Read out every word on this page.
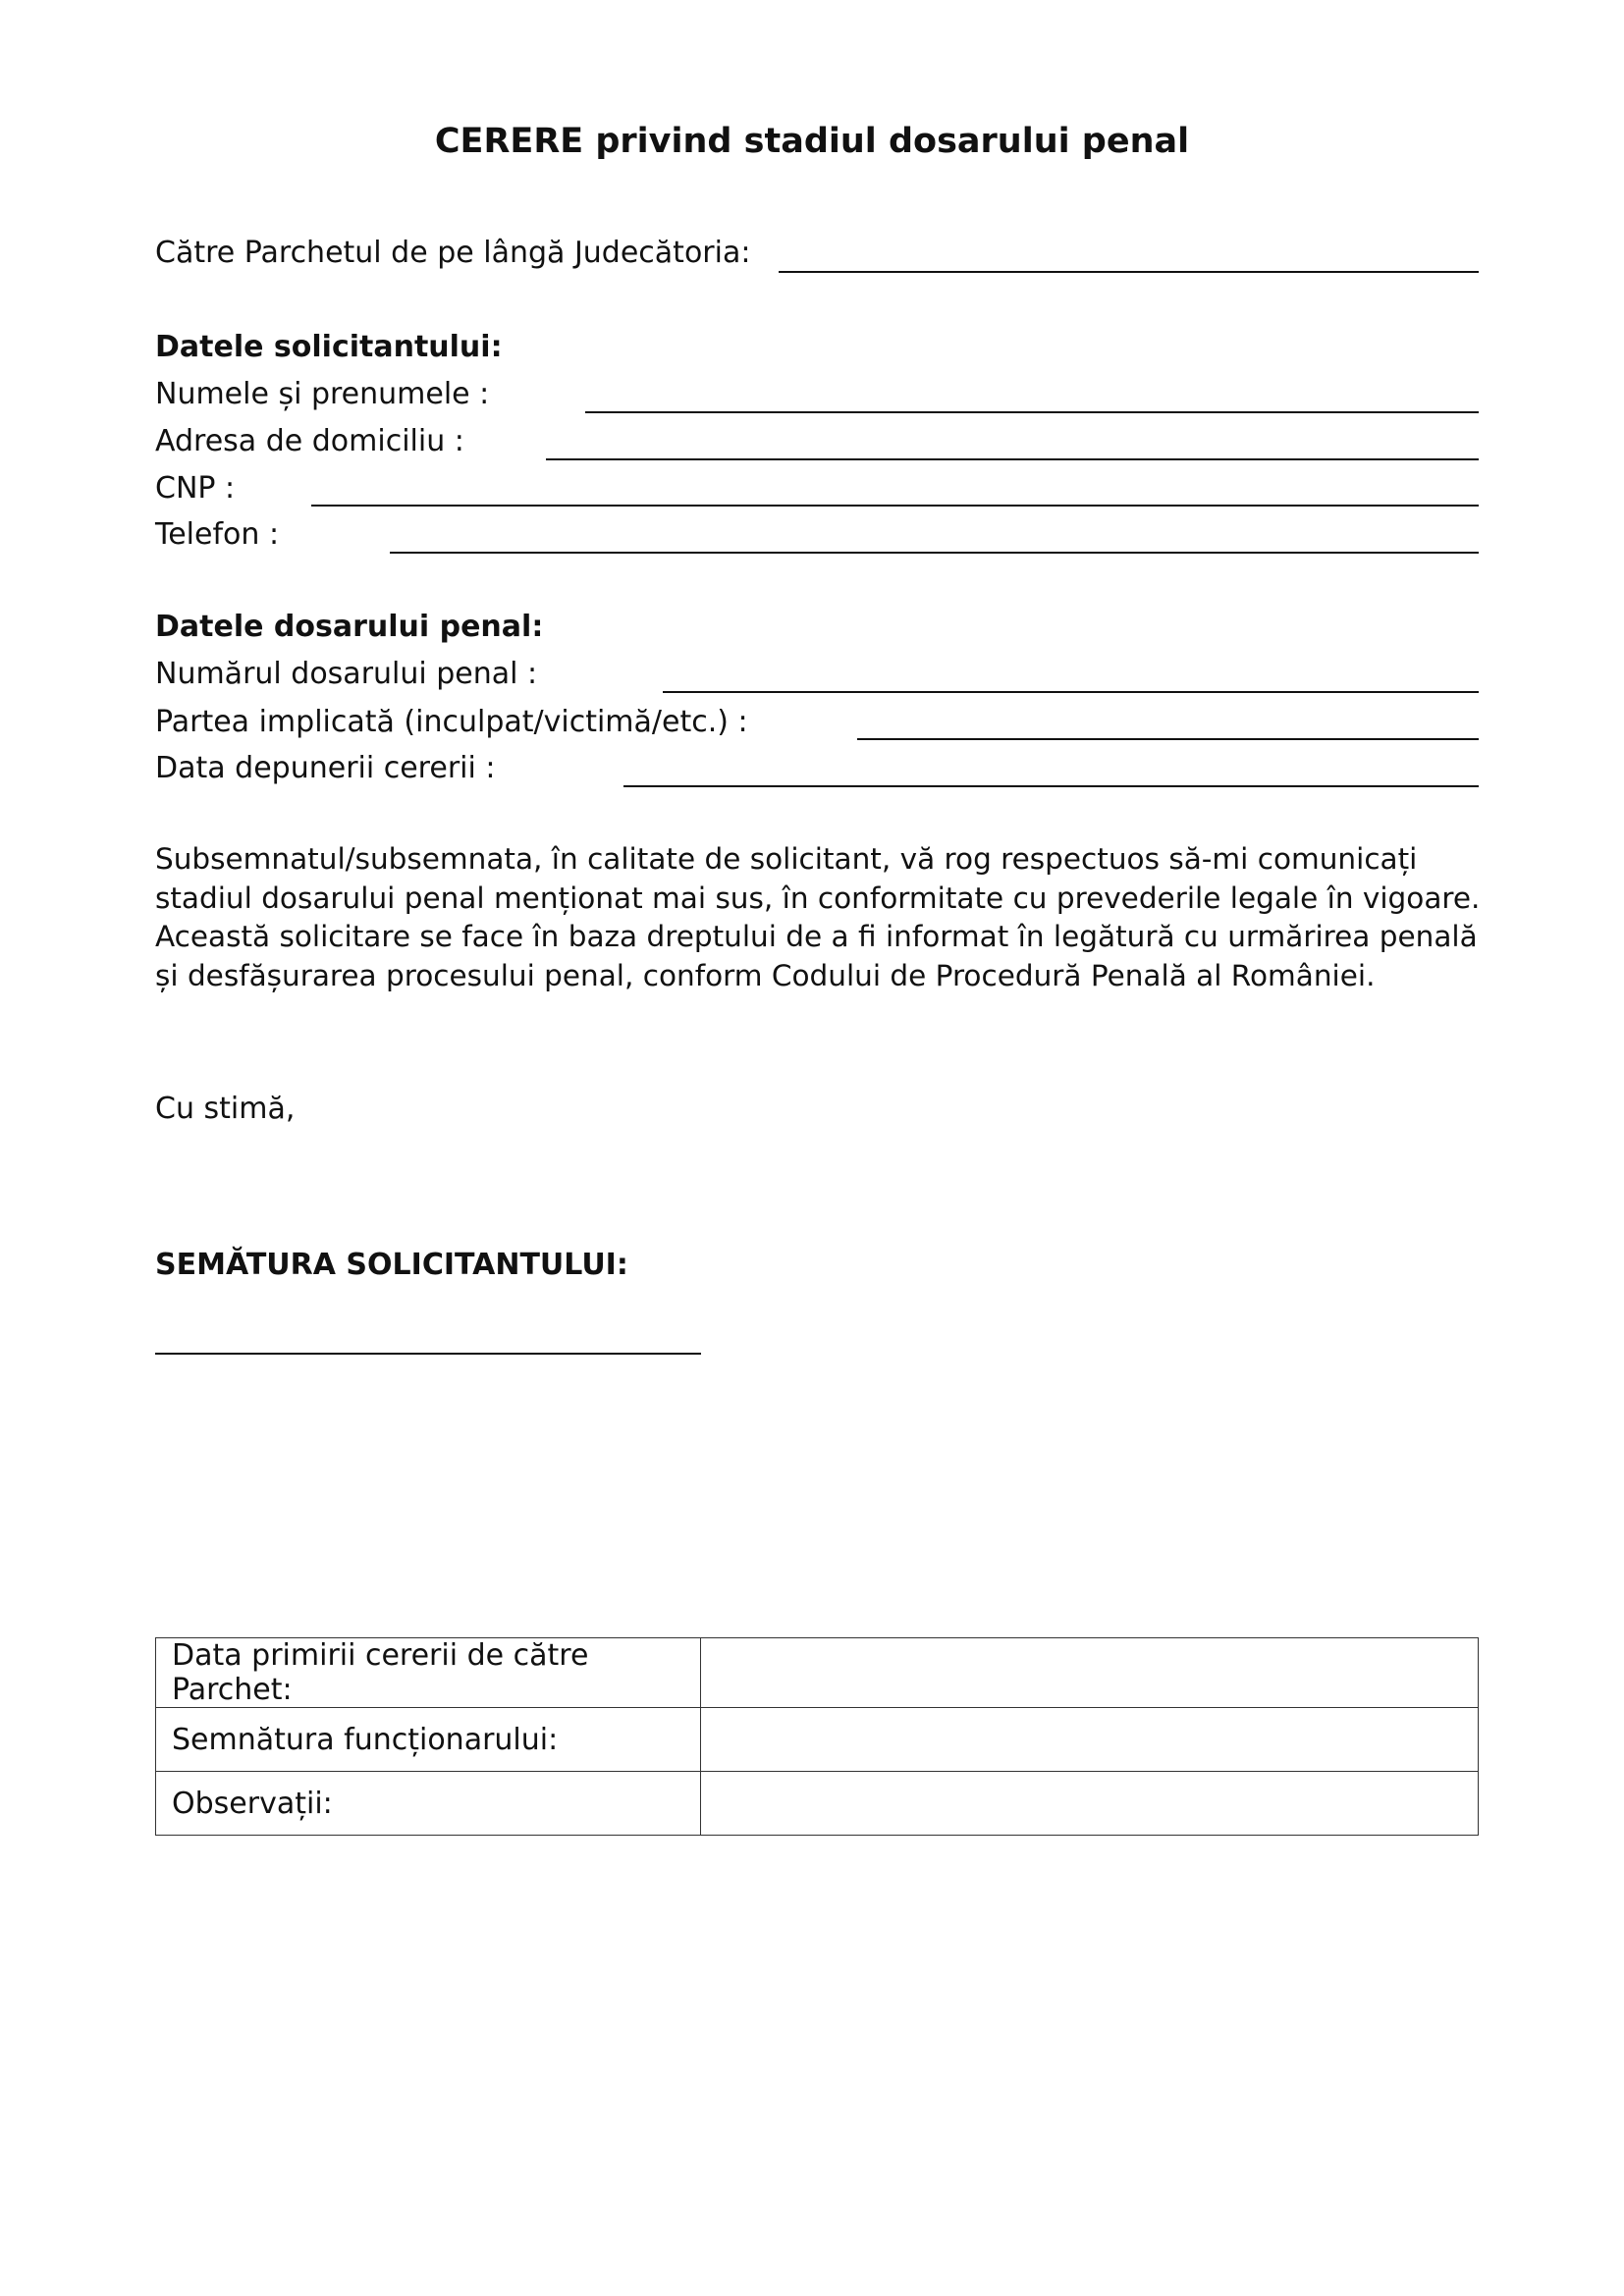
CERERE privind stadiul dosarului penal
Către Parchetul de pe lângă Judecătoria:
Datele solicitantului:
Numele și prenumele :
Adresa de domiciliu :
CNP :
Telefon :
Datele dosarului penal:
Numărul dosarului penal :
Partea implicată (inculpat/victimă/etc.) :
Data depunerii cererii :
Subsemnatul/subsemnata, în calitate de solicitant, vă rog respectuos să-mi comunicați stadiul dosarului penal menționat mai sus, în conformitate cu prevederile legale în vigoare. Această solicitare se face în baza dreptului de a fi informat în legătură cu urmărirea penală și desfășurarea procesului penal, conform Codului de Procedură Penală al României.
Cu stimă,
SEMĂTURA SOLICITANTULUI:
Data primirii cererii de către Parchet:	
Semnătura funcționarului:	
Observații:	
